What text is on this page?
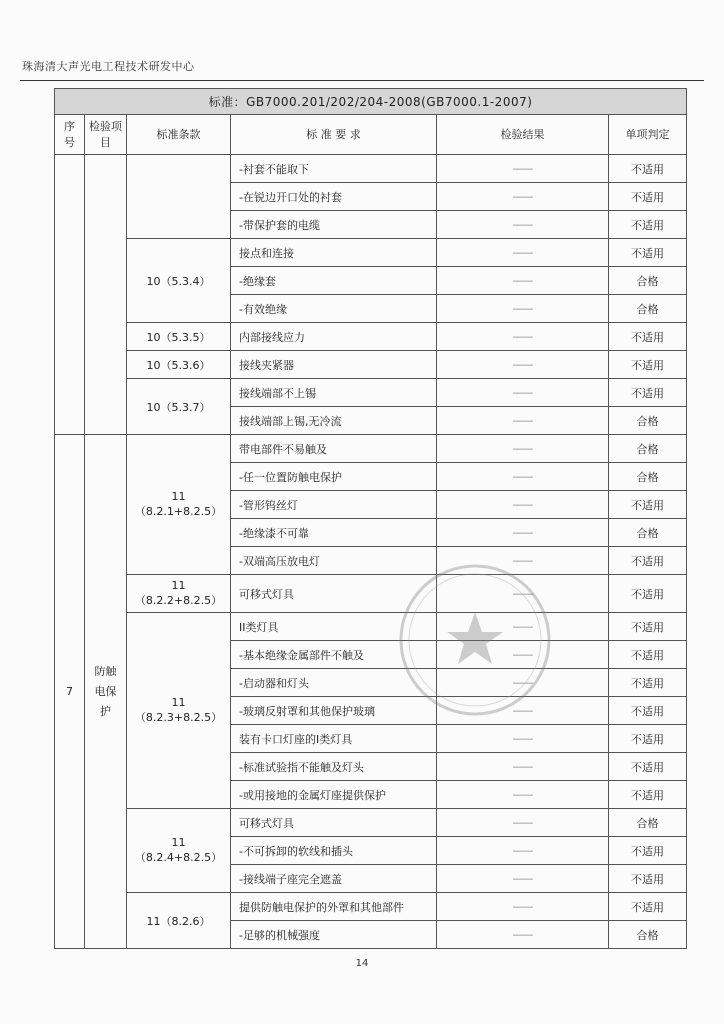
珠海清大声光电工程技术研发中心
标准：GB7000.201/202/204-2008(GB7000.1-2007)					
序号	检验项目	标准条款	标 准 要 求	检验结果	单项判定
			-衬套不能取下	——	不适用
			-在锐边开口处的衬套	——	不适用
			-带保护套的电缆	——	不适用
		10（5.3.4）	接点和连接	——	不适用
			-绝缘套	——	合格
			-有效绝缘	——	合格
		10（5.3.5）	内部接线应力	——	不适用
		10（5.3.6）	接线夹紧器	——	不适用
		10（5.3.7）	接线端部不上锡	——	不适用
			接线端部上锡,无冷流	——	合格
7	防触电保护	11（8.2.1+8.2.5）	带电部件不易触及	——	合格
			-任一位置防触电保护	——	合格
			-管形钨丝灯	——	不适用
			-绝缘漆不可靠	——	合格
			-双端高压放电灯	——	不适用
		11（8.2.2+8.2.5）	可移式灯具	——	不适用
		11（8.2.3+8.2.5）	II类灯具	——	不适用
			-基本绝缘金属部件不触及	——	不适用
			-启动器和灯头	——	不适用
			-玻璃反射罩和其他保护玻璃	——	不适用
			装有卡口灯座的I类灯具	——	不适用
			-标准试验指不能触及灯头	——	不适用
			-或用接地的金属灯座提供保护	——	不适用
		11（8.2.4+8.2.5）	可移式灯具	——	合格
			-不可拆卸的软线和插头	——	不适用
			-接线端子座完全遮盖	——	不适用
		11（8.2.6）	提供防触电保护的外罩和其他部件	——	不适用
			-足够的机械强度	——	合格
14
